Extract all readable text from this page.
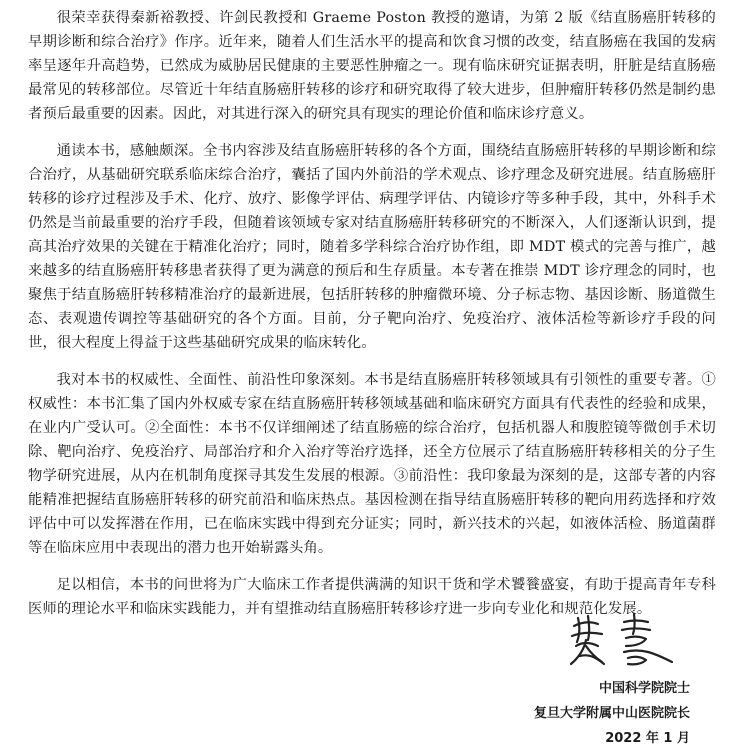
很荣幸获得秦新裕教授、许剑民教授和 Graeme Poston 教授的邀请，为第 2 版《结直肠癌肝转移的早期诊断和综合治疗》作序。近年来，随着人们生活水平的提高和饮食习惯的改变，结直肠癌在我国的发病率呈逐年升高趋势，已然成为威胁居民健康的主要恶性肿瘤之一。现有临床研究证据表明，肝脏是结直肠癌最常见的转移部位。尽管近十年结直肠癌肝转移的诊疗和研究取得了较大进步，但肿瘤肝转移仍然是制约患者预后最重要的因素。因此，对其进行深入的研究具有现实的理论价值和临床诊疗意义。

通读本书，感触颇深。全书内容涉及结直肠癌肝转移的各个方面，围绕结直肠癌肝转移的早期诊断和综合治疗，从基础研究联系临床综合治疗，囊括了国内外前沿的学术观点、诊疗理念及研究进展。结直肠癌肝转移的诊疗过程涉及手术、化疗、放疗、影像学评估、病理学评估、内镜诊疗等多种手段，其中，外科手术仍然是当前最重要的治疗手段，但随着该领域专家对结直肠癌肝转移研究的不断深入，人们逐渐认识到，提高其治疗效果的关键在于精准化治疗；同时，随着多学科综合治疗协作组，即 MDT 模式的完善与推广，越来越多的结直肠癌肝转移患者获得了更为满意的预后和生存质量。本专著在推崇 MDT 诊疗理念的同时，也聚焦于结直肠癌肝转移精准治疗的最新进展，包括肝转移的肿瘤微环境、分子标志物、基因诊断、肠道微生态、表观遗传调控等基础研究的各个方面。目前，分子靶向治疗、免疫治疗、液体活检等新诊疗手段的问世，很大程度上得益于这些基础研究成果的临床转化。

我对本书的权威性、全面性、前沿性印象深刻。本书是结直肠癌肝转移领域具有引领性的重要专著。①权威性：本书汇集了国内外权威专家在结直肠癌肝转移领域基础和临床研究方面具有代表性的经验和成果，在业内广受认可。②全面性：本书不仅详细阐述了结直肠癌的综合治疗，包括机器人和腹腔镜等微创手术切除、靶向治疗、免疫治疗、局部治疗和介入治疗等治疗选择，还全方位展示了结直肠癌肝转移相关的分子生物学研究进展，从内在机制角度探寻其发生发展的根源。③前沿性：我印象最为深刻的是，这部专著的内容能精准把握结直肠癌肝转移的研究前沿和临床热点。基因检测在指导结直肠癌肝转移的靶向用药选择和疗效评估中可以发挥潜在作用，已在临床实践中得到充分证实；同时，新兴技术的兴起，如液体活检、肠道菌群等在临床应用中表现出的潜力也开始崭露头角。

足以相信，本书的问世将为广大临床工作者提供满满的知识干货和学术饕餮盛宴，有助于提高青年专科医师的理论水平和临床实践能力，并有望推动结直肠癌肝转移诊疗进一步向专业化和规范化发展。

中国科学院院士
复旦大学附属中山医院院长
2022 年 1 月
